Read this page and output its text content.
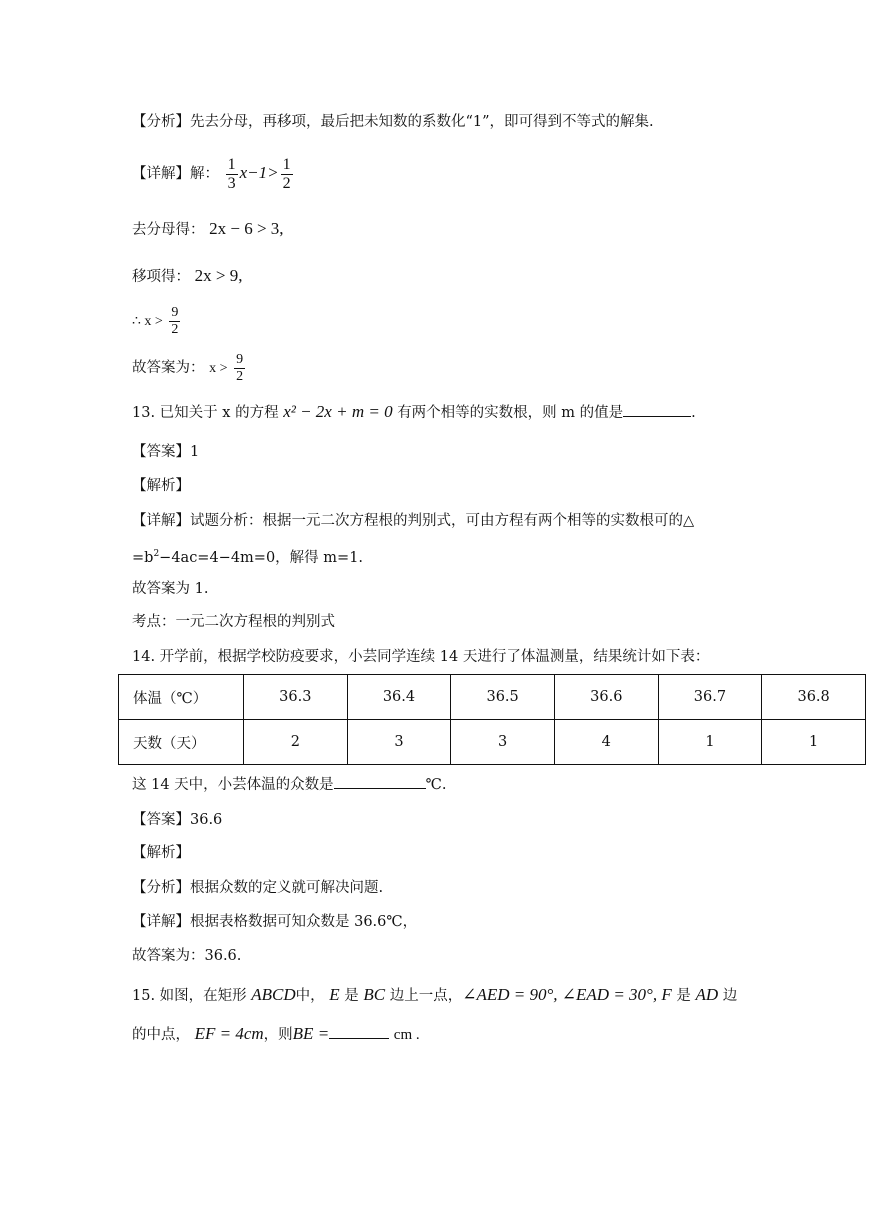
【分析】先去分母，再移项，最后把未知数的系数化“1”，即可得到不等式的解集.
【详解】解： $\frac{1}{3} x-1> \frac{1}{2}$
去分母得： 2x − 6 > 3,
移项得： 2x > 9,
∴ $x > \frac{9}{2}$
故答案为： $x > \frac{9}{2}$
13. 已知关于 x 的方程 x² − 2x + m = 0 有两个相等的实数根，则 m 的值是	.
【答案】1
【解析】
【详解】试题分析：根据一元二次方程根的判别式，可由方程有两个相等的实数根可的△
$=b^2-4ac=4-4m=0$，解得 m=1.
故答案为 1.
考点：一元二次方程根的判别式
14. 开学前，根据学校防疫要求，小芸同学连续 14 天进行了体温测量，结果统计如下表：
体温（℃）	36.3	36.4	36.5	36.6	36.7	36.8
天数（天）	2	3	3	4	1	1
这 14 天中，小芸体温的众数是	℃.
【答案】36.6
【解析】
【分析】根据众数的定义就可解决问题.
【详解】根据表格数据可知众数是 36.6℃，
故答案为：36.6.
15. 如图，在矩形 ABCD中， E 是 BC 边上一点，∠AED = 90°, ∠EAD = 30°, F 是 AD 边
的中点， EF = 4cm，则BE =	cm .
